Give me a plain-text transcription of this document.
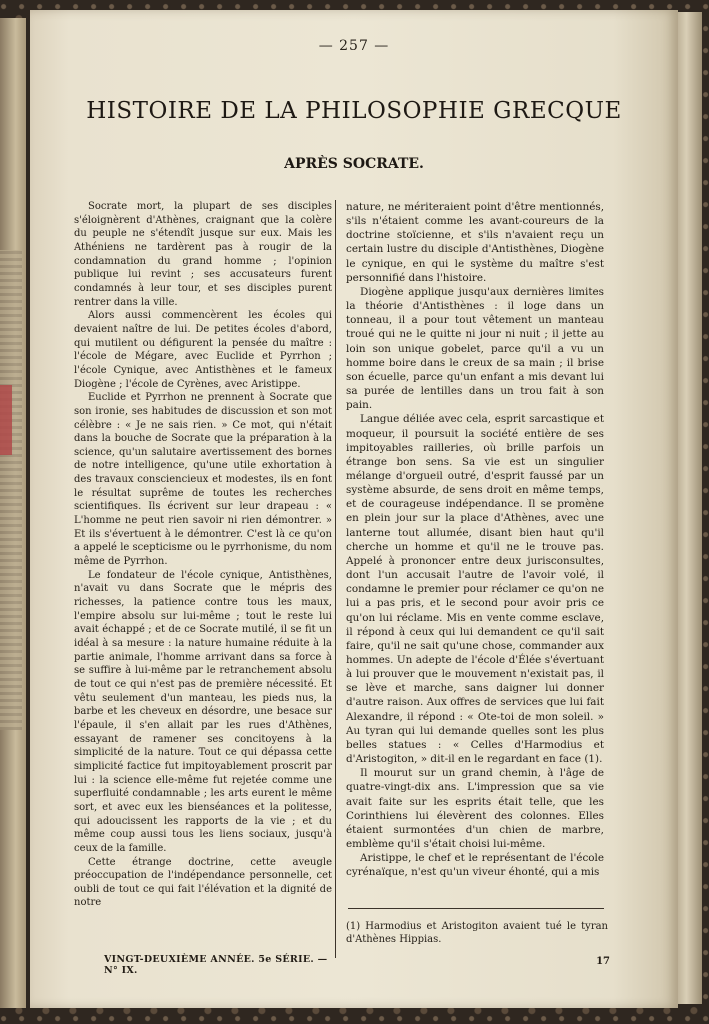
— 257 —
HISTOIRE DE LA PHILOSOPHIE GRECQUE
APRÈS SOCRATE.

Socrate mort, la plupart de ses disciples s'éloignèrent d'Athènes, craignant que la colère du peuple ne s'étendît jusque sur eux. Mais les Athéniens ne tardèrent pas à rougir de la condamnation du grand homme ; l'opinion publique lui revint ; ses accusateurs furent condamnés à leur tour, et ses disciples purent rentrer dans la ville.

Alors aussi commencèrent les écoles qui devaient naître de lui. De petites écoles d'abord, qui mutilent ou défigurent la pensée du maître : l'école de Mégare, avec Euclide et Pyrrhon ; l'école Cynique, avec Antisthènes et le fameux Diogène ; l'école de Cyrènes, avec Aristippe.

Euclide et Pyrrhon ne prennent à Socrate que son ironie, ses habitudes de discussion et son mot célèbre : « Je ne sais rien. » Ce mot, qui n'était dans la bouche de Socrate que la préparation à la science, qu'un salutaire avertissement des bornes de notre intelligence, qu'une utile exhortation à des travaux consciencieux et modestes, ils en font le résultat suprême de toutes les recherches scientifiques. Ils écrivent sur leur drapeau : « L'homme ne peut rien savoir ni rien démontrer. » Et ils s'évertuent à le démontrer. C'est là ce qu'on a appelé le scepticisme ou le pyrrhonisme, du nom même de Pyrrhon.

Le fondateur de l'école cynique, Antisthènes, n'avait vu dans Socrate que le mépris des richesses, la patience contre tous les maux, l'empire absolu sur lui-même ; tout le reste lui avait échappé ; et de ce Socrate mutilé, il se fit un idéal à sa mesure : la nature humaine réduite à la partie animale, l'homme arrivant dans sa force à se suffire à lui-même par le retranchement absolu de tout ce qui n'est pas de première nécessité. Et vêtu seulement d'un manteau, les pieds nus, la barbe et les cheveux en désordre, une besace sur l'épaule, il s'en allait par les rues d'Athènes, essayant de ramener ses concitoyens à la simplicité de la nature. Tout ce qui dépassa cette simplicité factice fut impitoyablement proscrit par lui : la science elle-même fut rejetée comme une superfluité condamnable ; les arts eurent le même sort, et avec eux les bienséances et la politesse, qui adoucissent les rapports de la vie ; et du même coup aussi tous les liens sociaux, jusqu'à ceux de la famille.

Cette étrange doctrine, cette aveugle préoccupation de l'indépendance personnelle, cet oubli de tout ce qui fait l'élévation et la dignité de notre

nature, ne mériteraient point d'être mentionnés, s'ils n'étaient comme les avant-coureurs de la doctrine stoïcienne, et s'ils n'avaient reçu un certain lustre du disciple d'Antisthènes, Diogène le cynique, en qui le système du maître s'est personnifié dans l'histoire.

Diogène applique jusqu'aux dernières limites la théorie d'Antisthènes : il loge dans un tonneau, il a pour tout vêtement un manteau troué qui ne le quitte ni jour ni nuit ; il jette au loin son unique gobelet, parce qu'il a vu un homme boire dans le creux de sa main ; il brise son écuelle, parce qu'un enfant a mis devant lui sa purée de lentilles dans un trou fait à son pain.

Langue déliée avec cela, esprit sarcastique et moqueur, il poursuit la société entière de ses impitoyables railleries, où brille parfois un étrange bon sens. Sa vie est un singulier mélange d'orgueil outré, d'esprit faussé par un système absurde, de sens droit en même temps, et de courageuse indépendance. Il se promène en plein jour sur la place d'Athènes, avec une lanterne tout allumée, disant bien haut qu'il cherche un homme et qu'il ne le trouve pas. Appelé à prononcer entre deux jurisconsultes, dont l'un accusait l'autre de l'avoir volé, il condamne le premier pour réclamer ce qu'on ne lui a pas pris, et le second pour avoir pris ce qu'on lui réclame. Mis en vente comme esclave, il répond à ceux qui lui demandent ce qu'il sait faire, qu'il ne sait qu'une chose, commander aux hommes. Un adepte de l'école d'Élée s'évertuant à lui prouver que le mouvement n'existait pas, il se lève et marche, sans daigner lui donner d'autre raison. Aux offres de services que lui fait Alexandre, il répond : « Ote-toi de mon soleil. » Au tyran qui lui demande quelles sont les plus belles statues : « Celles d'Harmodius et d'Aristogiton, » dit-il en le regardant en face (1).

Il mourut sur un grand chemin, à l'âge de quatre-vingt-dix ans. L'impression que sa vie avait faite sur les esprits était telle, que les Corinthiens lui élevèrent des colonnes. Elles étaient surmontées d'un chien de marbre, emblème qu'il s'était choisi lui-même.

Aristippe, le chef et le représentant de l'école cyrénaïque, n'est qu'un viveur éhonté, qui a mis

(1) Harmodius et Aristogiton avaient tué le tyran d'Athènes Hippias.
VINGT-DEUXIÈME ANNÉE. 5e SÉRIE. — N° IX.
17
